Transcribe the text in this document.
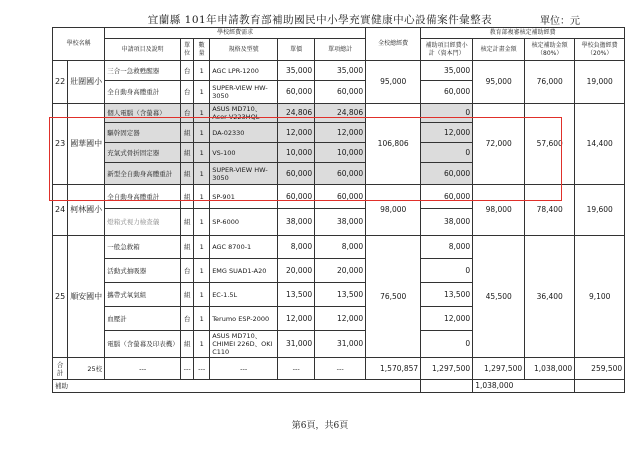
宜蘭縣 101年申請教育部補助國民中小學充實健康中心設備案件彙整表	單位：元
學校名稱		學校經費需求						全校總經費	教育部複審核定補助經費			
		申請項目及說明	單位	數量	規格及型號	單價	單項總計		補助項目經費小計（資本門）	核定計畫金額	核定補助金額（80%）	學校負擔經費（20%）
22	壯圍國小	三合一急救甦醒器	台	1	AGC LPR-1200	35,000	35,000	95,000	35,000	95,000	76,000	19,000
		全自動身高體重計	台	1	SUPER-VIEW HW-3050	60,000	60,000		60,000			
23	國華國中	個人電腦（含螢幕）	台	1	ASUS MD710、Acer V223HQL	24,806	24,806	106,806	0	72,000	57,600	14,400
		驅幹固定器	組	1	DA-02330	12,000	12,000		12,000			
		充氣式骨折固定器	組	1	VS-100	10,000	10,000		0			
		新型全自動身高體重計	組	1	SUPER-VIEW HW-3050	60,000	60,000		60,000			
24	柯林國小	全自動身高體重計	組	1	SP-901	60,000	60,000	98,000	60,000	98,000	78,400	19,600
		燈箱式視力檢查儀	組	1	SP-6000	38,000	38,000		38,000			
25	順安國中	一般急救箱	組	1	AGC 8700-1	8,000	8,000	76,500	8,000	45,500	36,400	9,100
		活動式抽吸器	台	1	EMG SUAD1-A20	20,000	20,000		0			
		攜帶式氧氣組	組	1	EC-1.5L	13,500	13,500		13,500			
		血壓計	台	1	Terumo ESP-2000	12,000	12,000		12,000			
		電腦（含螢幕及印表機）	組	1	ASUS MD710、CHIMEI 226D、OKI C110	31,000	31,000		0			
合計	25校	---	---	---	---	---	---	1,570,857	1,297,500	1,297,500	1,038,000	259,500
補助										1,038,000		
第6頁，共6頁
